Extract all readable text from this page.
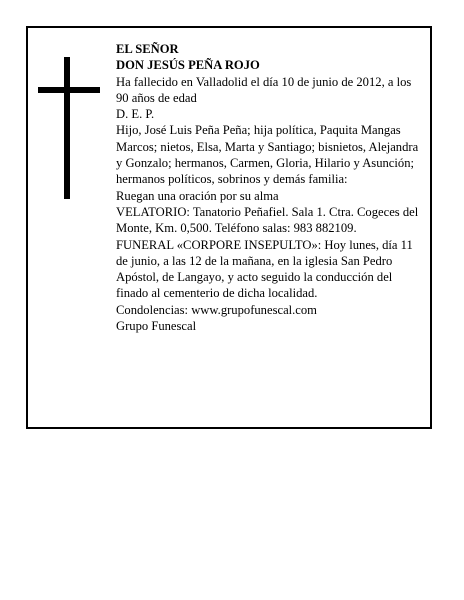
EL SEÑOR

DON JESÚS PEÑA ROJO

Ha fallecido en Valladolid el día 10 de junio de 2012, a los 90 años de edad

D. E. P.

Hijo, José Luis Peña Peña; hija política, Paquita Mangas Marcos; nietos, Elsa, Marta y Santiago; bisnietos, Alejandra y Gonzalo; hermanos, Carmen, Gloria, Hilario y Asunción; hermanos políticos, sobrinos y demás familia:

Ruegan una oración por su alma

VELATORIO: Tanatorio Peñafiel. Sala 1. Ctra. Cogeces del Monte, Km. 0,500. Teléfono salas: 983 882109.

FUNERAL «CORPORE INSEPULTO»: Hoy lunes, día 11 de junio, a las 12 de la mañana, en la iglesia San Pedro Apóstol, de Langayo, y acto seguido la conducción del finado al cementerio de dicha localidad.

Condolencias: www.grupofunescal.com

Grupo Funescal
